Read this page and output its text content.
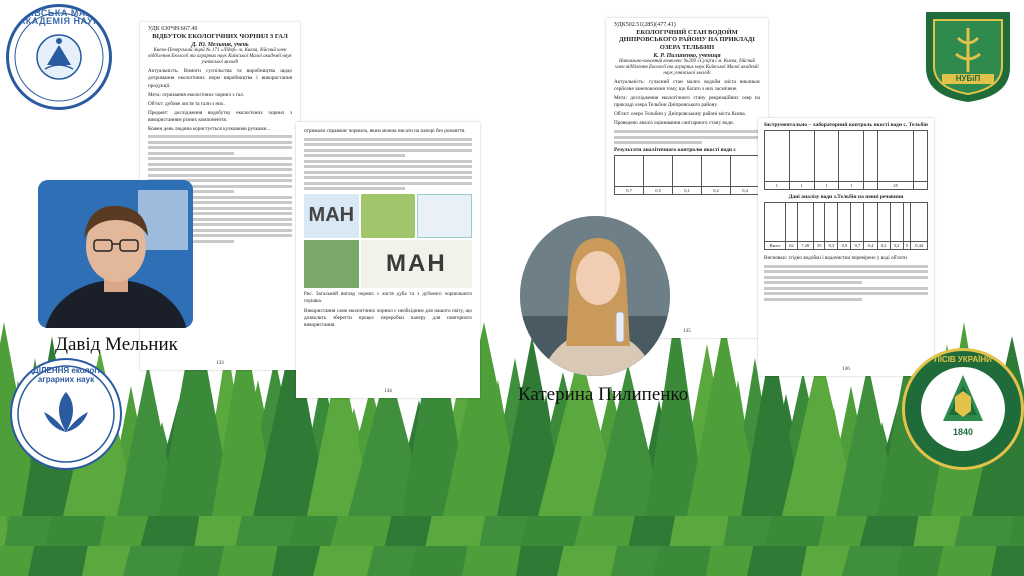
КИЇВСЬКА МАЛА АКАДЕМІЯ НАУК
НУБіП
УДК 630*89:667.49
ВІДБУТОК ЕКОЛОГІЧНИХ ЧОРНИЛ З ГАЛ
Д. Ю. Мельник, учень
Києво-Печерський ліцей № 171 «Лідер» м. Києва, дійсний член відділення Екології та аграрних наук Київської Малої академії наук учнівської молоді

Актуальність. Вимоги суспільства та виробництва щодо дотримання екологічних норм виробництва і використання продукції.

Мета: отримання екологічних чорнил з гал.

Об'єкт: дубове листя та гали з них.

Предмет: дослідження видобутку екологічних чорнил з використанням різних компонентів.

Кожен день людина користується кулковими ручками...

133

отримали справжнє чорнило, яким можна писати на папері без розмиття.

МАН
МАН

Рис. Загальний вигляд чорнил з листя дуба та з дубового чорнильного горішка.

Використання саме екологічних чорнил є необхідним для нашого світу, що дозволить зберегти процес переробки паперу для повторного використання.

134
Давід Мельник
УДК502.51(285)(477.41)
ЕКОЛОГІЧНИЙ СТАН ВОДОЙМ ДНІПРОВСЬКОГО РАЙОНУ НА ПРИКЛАДІ ОЗЕРА ТЕЛЬБИН
К. Р. Пилипенко, учениця
Навчально-виховний комплекс №209 «Сузір'я» м. Києва, дійсний член відділення Екології та аграрних наук Київської Малої академії наук учнівської молоді

Актуальність: сучасний стан малих водойм міста викликає серйозне занепокоєння тому, що багато з них засмічене.

Мета: дослідження екологічного стану рекреаційних озер на прикладі озера Тельбин Дніпровського району.

Об'єкт: озеро Тельбин у Дніпровському районі міста Києва.

Проведено аналіз оцінювання санітарного стану води.

Результати аналітичного контролю якості води с

0,7	0,5	0,1	0,2	0,4
135
Інструментально – лабораторний контроль якості води с. Тельбін

1	1	1	1		25	
Дані аналізу води з.Тельбін на певні речовини

Вміст	62	7,28	35	0,3	0,9	0,7	0,4	0,2	3,2	5	0,44

Висновки: згідно водоймі і водочистки перевірено у воді об'єкти

136
Катерина Пилипенко
ВІДДІЛЕННЯ екології та аграрних наук
ЛІСІВ УКРАЇНИ
1840
